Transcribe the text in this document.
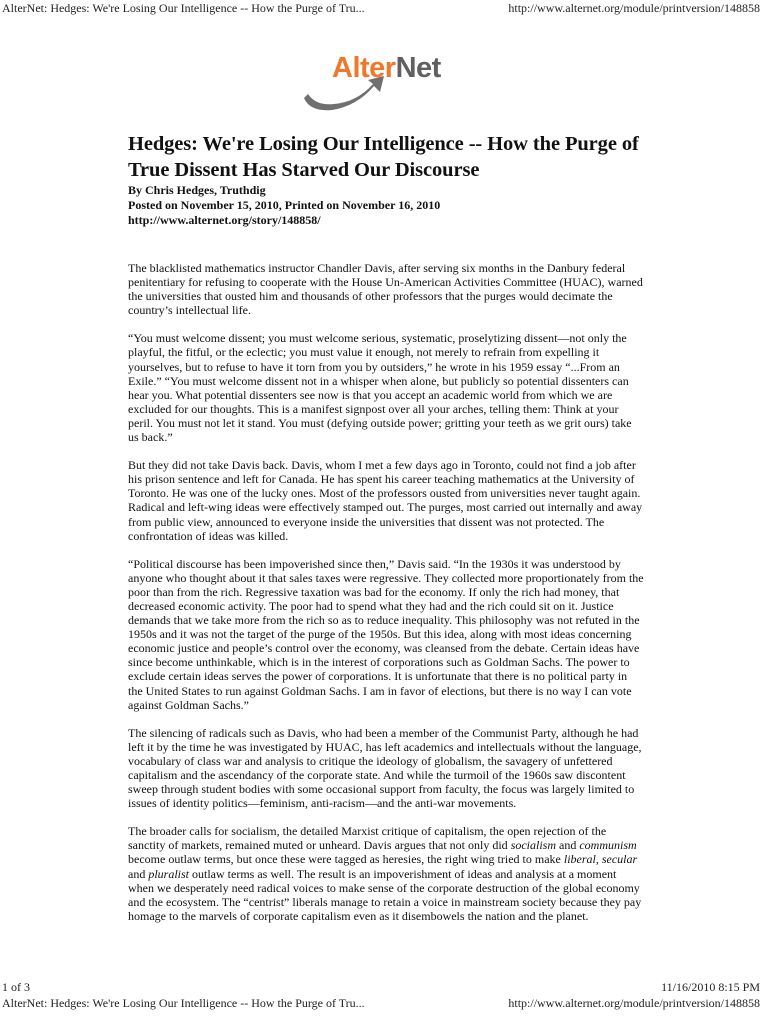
AlterNet: Hedges: We're Losing Our Intelligence -- How the Purge of Tru...	http://www.alternet.org/module/printversion/148858
AlterNet
Hedges: We're Losing Our Intelligence -- How the Purge of True Dissent Has Starved Our Discourse
By Chris Hedges, Truthdig
Posted on November 15, 2010, Printed on November 16, 2010
http://www.alternet.org/story/148858/

The blacklisted mathematics instructor Chandler Davis, after serving six months in the Danbury federal penitentiary for refusing to cooperate with the House Un-American Activities Committee (HUAC), warned the universities that ousted him and thousands of other professors that the purges would decimate the country’s intellectual life.

“You must welcome dissent; you must welcome serious, systematic, proselytizing dissent—not only the playful, the fitful, or the eclectic; you must value it enough, not merely to refrain from expelling it yourselves, but to refuse to have it torn from you by outsiders,” he wrote in his 1959 essay “...From an Exile.” “You must welcome dissent not in a whisper when alone, but publicly so potential dissenters can hear you. What potential dissenters see now is that you accept an academic world from which we are excluded for our thoughts. This is a manifest signpost over all your arches, telling them: Think at your peril. You must not let it stand. You must (defying outside power; gritting your teeth as we grit ours) take us back.”

But they did not take Davis back. Davis, whom I met a few days ago in Toronto, could not find a job after his prison sentence and left for Canada. He has spent his career teaching mathematics at the University of Toronto. He was one of the lucky ones. Most of the professors ousted from universities never taught again. Radical and left-wing ideas were effectively stamped out. The purges, most carried out internally and away from public view, announced to everyone inside the universities that dissent was not protected. The confrontation of ideas was killed.

“Political discourse has been impoverished since then,” Davis said. “In the 1930s it was understood by anyone who thought about it that sales taxes were regressive. They collected more proportionately from the poor than from the rich. Regressive taxation was bad for the economy. If only the rich had money, that decreased economic activity. The poor had to spend what they had and the rich could sit on it. Justice demands that we take more from the rich so as to reduce inequality. This philosophy was not refuted in the 1950s and it was not the target of the purge of the 1950s. But this idea, along with most ideas concerning economic justice and people’s control over the economy, was cleansed from the debate. Certain ideas have since become unthinkable, which is in the interest of corporations such as Goldman Sachs. The power to exclude certain ideas serves the power of corporations. It is unfortunate that there is no political party in the United States to run against Goldman Sachs. I am in favor of elections, but there is no way I can vote against Goldman Sachs.”

The silencing of radicals such as Davis, who had been a member of the Communist Party, although he had left it by the time he was investigated by HUAC, has left academics and intellectuals without the language, vocabulary of class war and analysis to critique the ideology of globalism, the savagery of unfettered capitalism and the ascendancy of the corporate state. And while the turmoil of the 1960s saw discontent sweep through student bodies with some occasional support from faculty, the focus was largely limited to issues of identity politics—feminism, anti-racism—and the anti-war movements.

The broader calls for socialism, the detailed Marxist critique of capitalism, the open rejection of the sanctity of markets, remained muted or unheard. Davis argues that not only did socialism and communism become outlaw terms, but once these were tagged as heresies, the right wing tried to make liberal, secular and pluralist outlaw terms as well. The result is an impoverishment of ideas and analysis at a moment when we desperately need radical voices to make sense of the corporate destruction of the global economy and the ecosystem. The “centrist” liberals manage to retain a voice in mainstream society because they pay homage to the marvels of corporate capitalism even as it disembowels the nation and the planet.

1 of 3	11/16/2010 8:15 PM
AlterNet: Hedges: We're Losing Our Intelligence -- How the Purge of Tru...	http://www.alternet.org/module/printversion/148858
